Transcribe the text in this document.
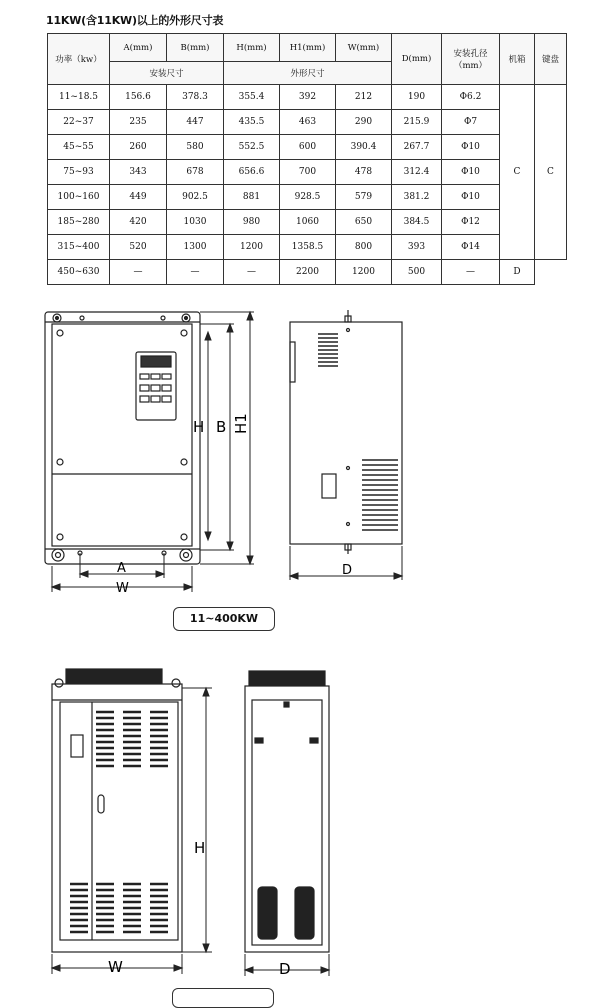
11KW(含11KW)以上的外形尺寸表
功率（kw）	A(mm)	B(mm)	H(mm)	H1(mm)	W(mm)	D(mm)	安装孔径（mm）	机箱	键盘
	安装尺寸		外形尺寸						
11~18.5	156.6	378.3	355.4	392	212	190	Φ6.2	C	C
22~37	235	447	435.5	463	290	215.9	Φ7		
45~55	260	580	552.5	600	390.4	267.7	Φ10		
75~93	343	678	656.6	700	478	312.4	Φ10		
100~160	449	902.5	881	928.5	579	381.2	Φ10		
185~280	420	1030	980	1060	650	384.5	Φ12		
315~400	520	1300	1200	1358.5	800	393	Φ14		
450~630	—	—	—	2200	1200	500	—	D	
H B H1
A
W
D
H
W	D
11~400KW
